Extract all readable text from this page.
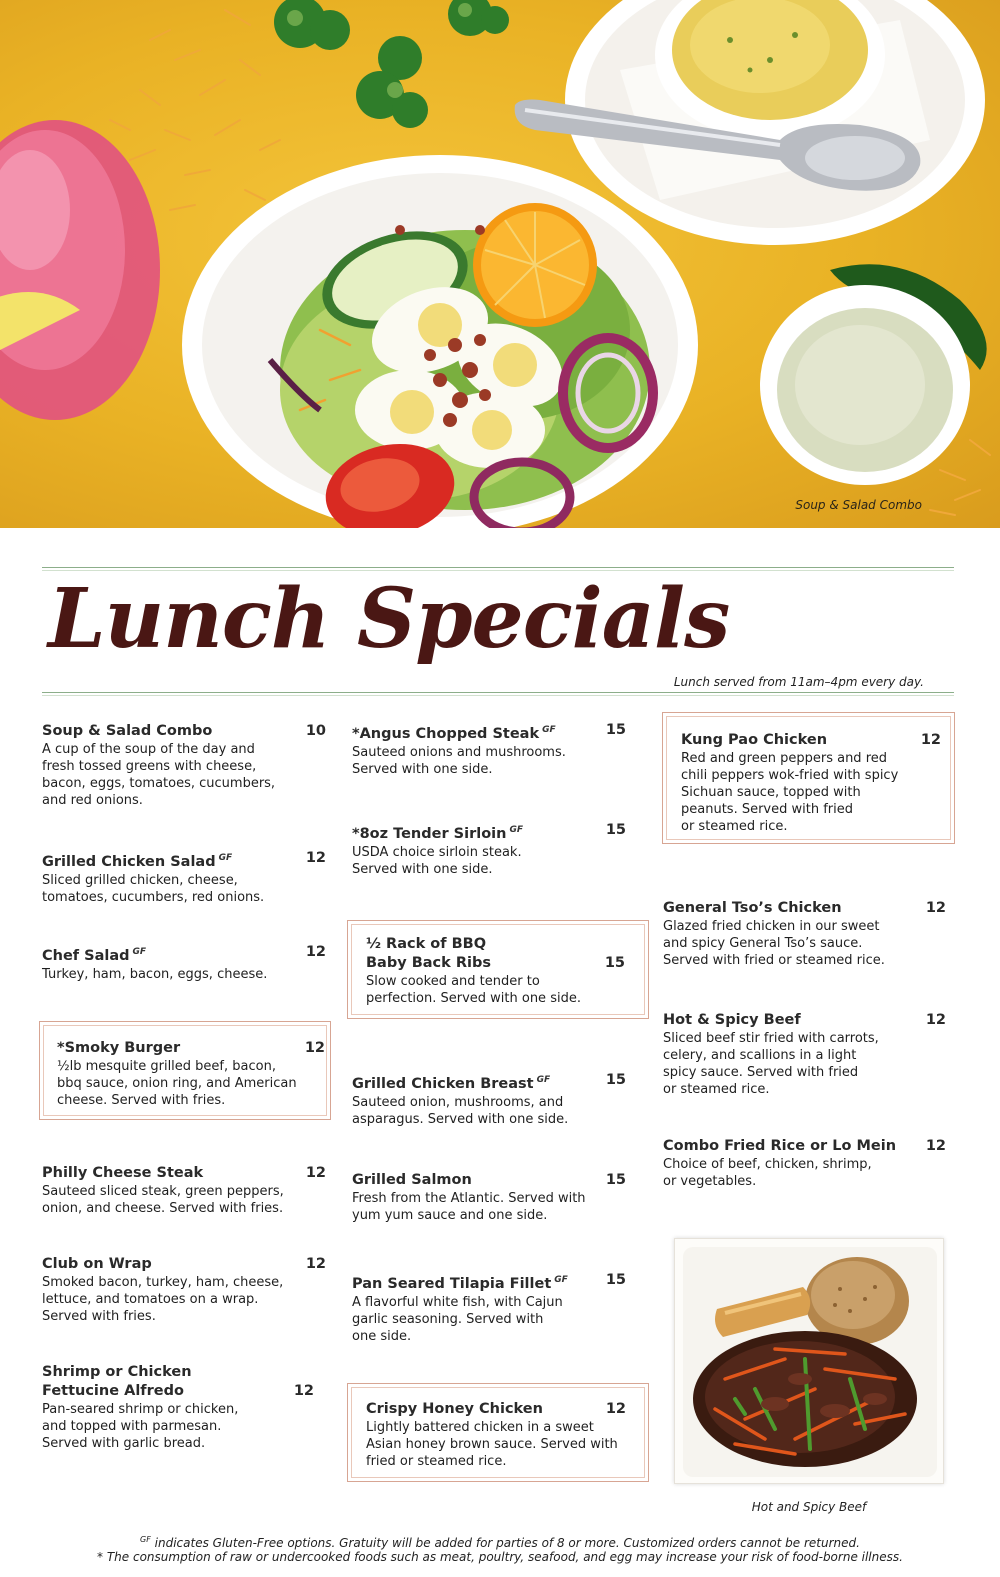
Soup & Salad Combo
Lunch Specials
Lunch served from 11am–4pm every day.
Soup & Salad Combo	10
A cup of the soup of the day and
fresh tossed greens with cheese,
bacon, eggs, tomatoes, cucumbers,
and red onions.
Grilled Chicken Salad $^{GF}$	12
Sliced grilled chicken, cheese,
tomatoes, cucumbers, red onions.
Chef Salad $^{GF}$	12
Turkey, ham, bacon, eggs, cheese.
*Smoky Burger	12
½lb mesquite grilled beef, bacon,
bbq sauce, onion ring, and American
cheese. Served with fries.
Philly Cheese Steak	12
Sauteed sliced steak, green peppers,
onion, and cheese. Served with fries.
Club on Wrap	12
Smoked bacon, turkey, ham, cheese,
lettuce, and tomatoes on a wrap.
Served with fries.
Shrimp or Chicken
Fettucine Alfredo	12
Pan-seared shrimp or chicken,
and topped with parmesan.
Served with garlic bread.
*Angus Chopped Steak $^{GF}$	15
Sauteed onions and mushrooms.
Served with one side.
*8oz Tender Sirloin $^{GF}$	15
USDA choice sirloin steak.
Served with one side.
½ Rack of BBQ
Baby Back Ribs	15
Slow cooked and tender to
perfection. Served with one side.
Grilled Chicken Breast $^{GF}$	15
Sauteed onion, mushrooms, and
asparagus. Served with one side.
Grilled Salmon	15
Fresh from the Atlantic. Served with
yum yum sauce and one side.
Pan Seared Tilapia Fillet $^{GF}$	15
A flavorful white fish, with Cajun
garlic seasoning. Served with
one side.
Crispy Honey Chicken	12
Lightly battered chicken in a sweet
Asian honey brown sauce. Served with
fried or steamed rice.
Kung Pao Chicken	12
Red and green peppers and red
chili peppers wok-fried with spicy
Sichuan sauce, topped with
peanuts. Served with fried
or steamed rice.
General Tso’s Chicken	12
Glazed fried chicken in our sweet
and spicy General Tso’s sauce.
Served with fried or steamed rice.
Hot & Spicy Beef	12
Sliced beef stir fried with carrots,
celery, and scallions in a light
spicy sauce. Served with fried
or steamed rice.
Combo Fried Rice or Lo Mein	12
Choice of beef, chicken, shrimp,
or vegetables.
Hot and Spicy Beef
$^{GF}$ indicates Gluten-Free options. Gratuity will be added for parties of 8 or more. Customized orders cannot be returned.
* The consumption of raw or undercooked foods such as meat, poultry, seafood, and egg may increase your risk of food-borne illness.
